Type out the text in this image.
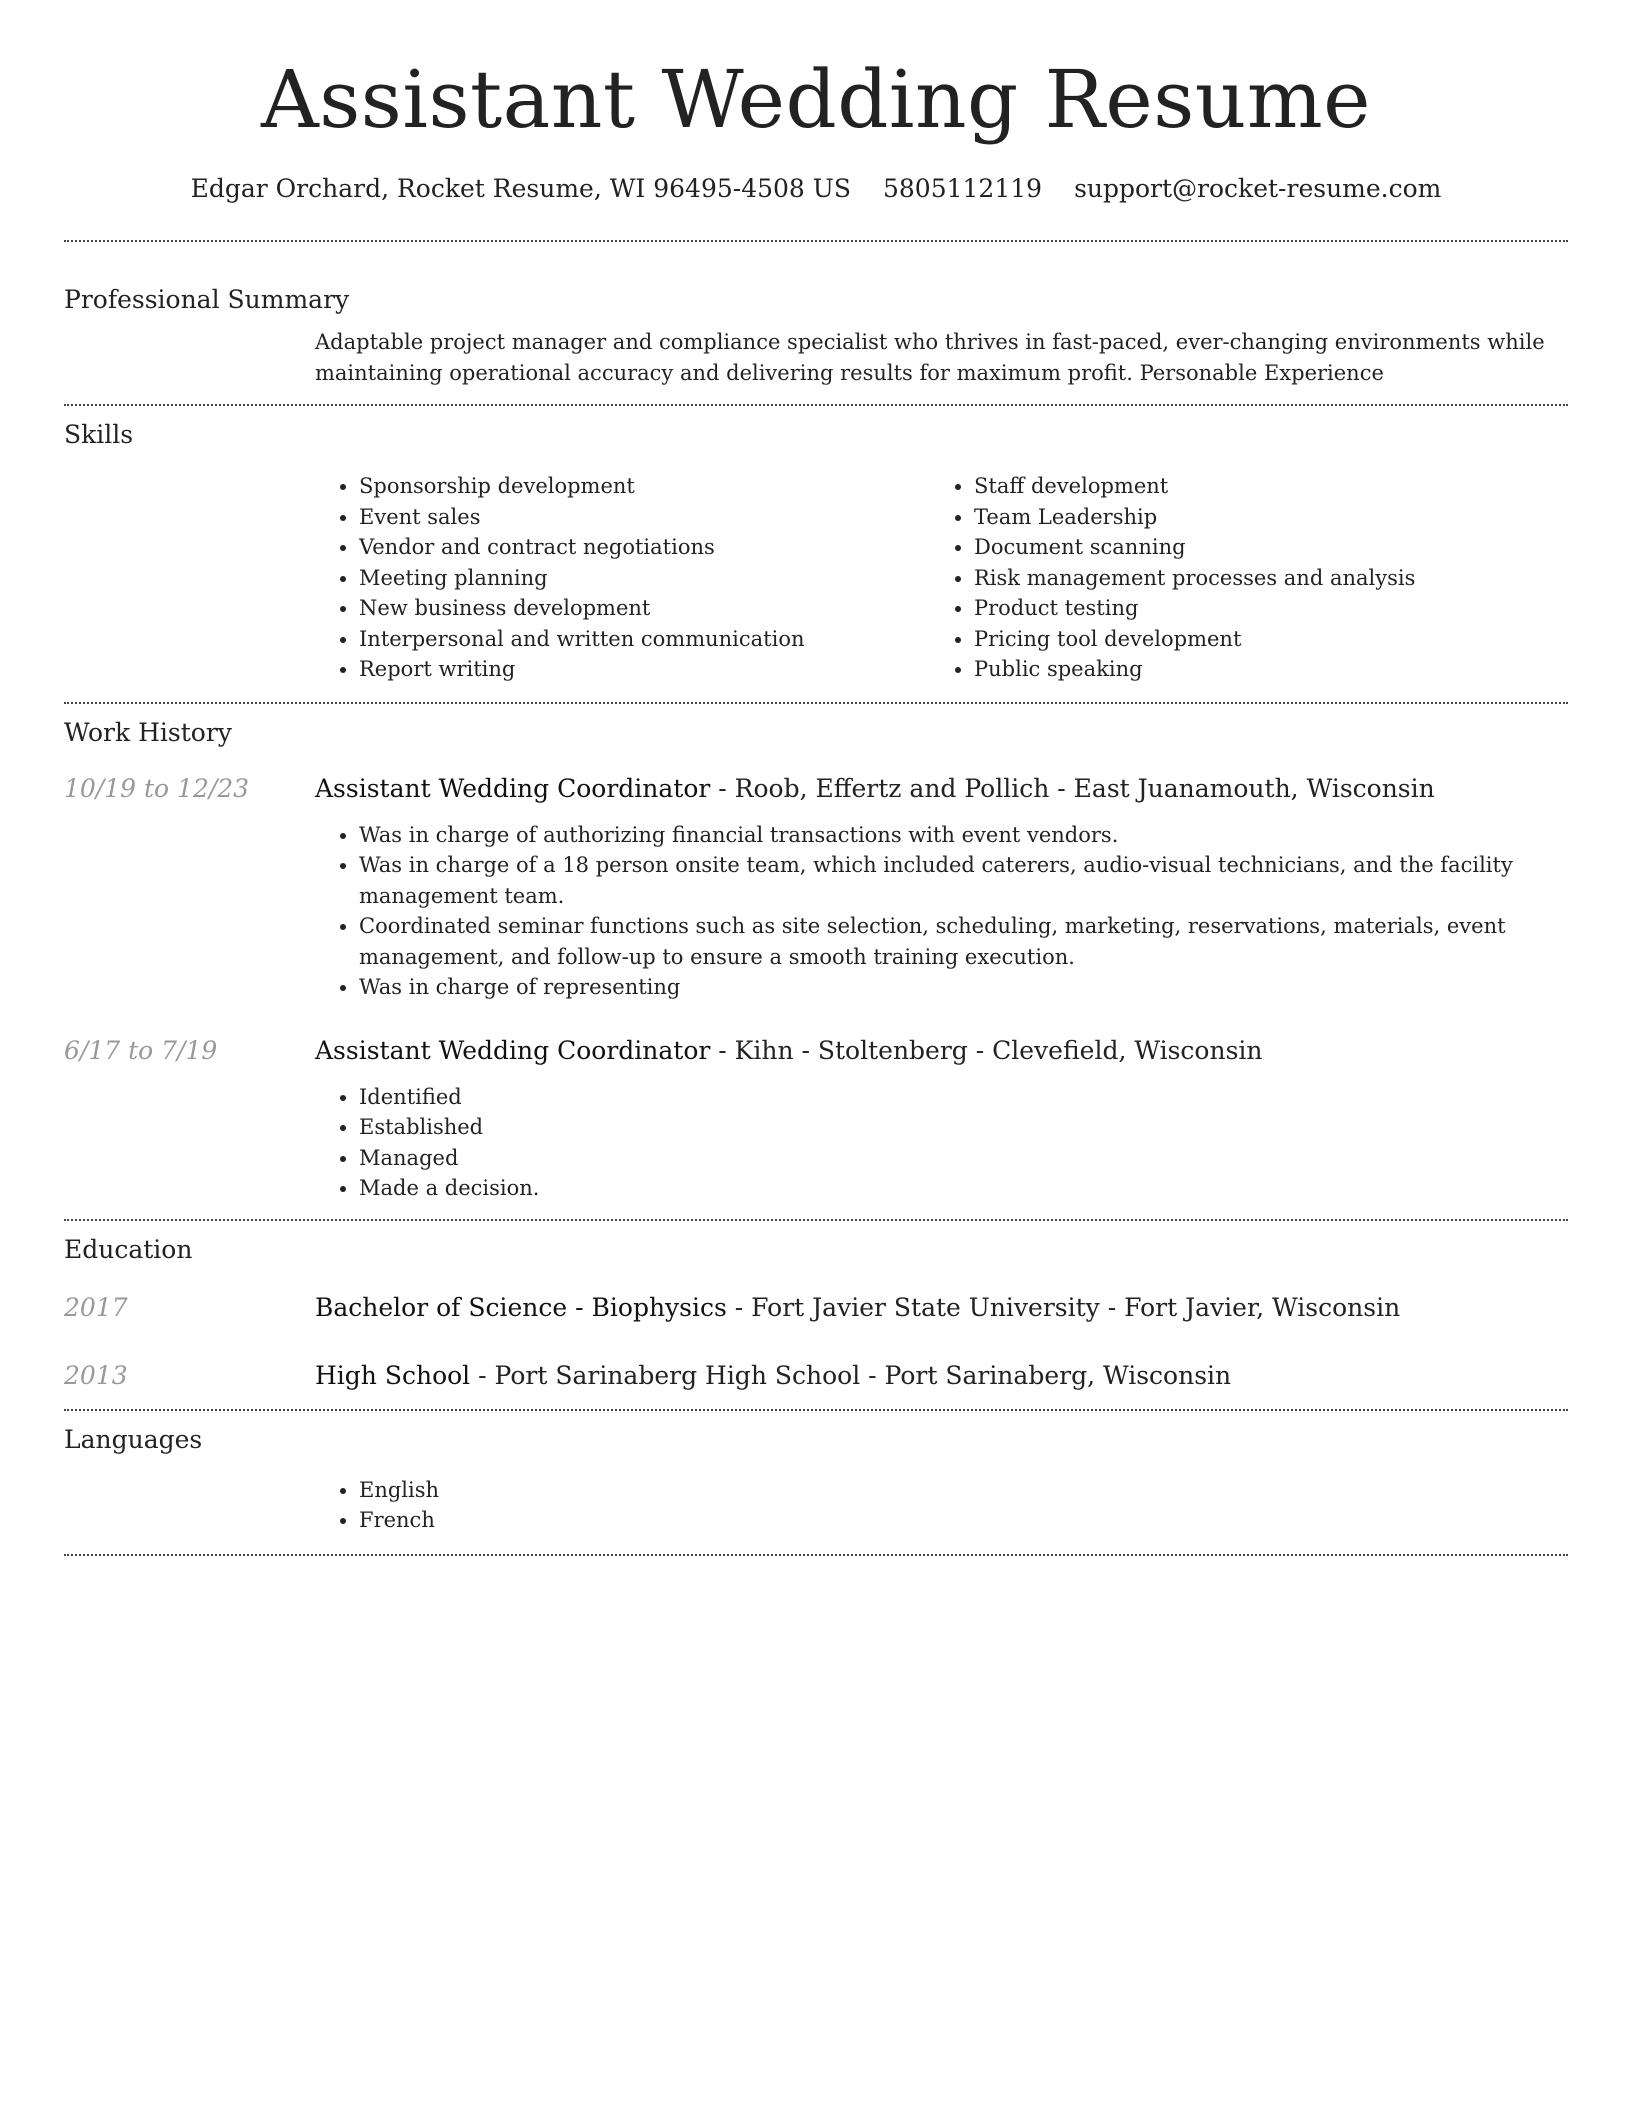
Assistant Wedding Resume
Edgar Orchard, Rocket Resume, WI 96495-4508 US 5805112119 support@rocket-resume.com
Professional Summary

Adaptable project manager and compliance specialist who thrives in fast-paced, ever-changing environments while maintaining operational accuracy and delivering results for maximum profit. Personable Experience

Skills
• Sponsorship development
• Event sales
• Vendor and contract negotiations
• Meeting planning
• New business development
• Interpersonal and written communication
• Report writing
• Staff development
• Team Leadership
• Document scanning
• Risk management processes and analysis
• Product testing
• Pricing tool development
• Public speaking
Work History
10/19 to 12/23	Assistant Wedding Coordinator - Roob, Effertz and Pollich - East Juanamouth, Wisconsin
• Was in charge of authorizing financial transactions with event vendors.
• Was in charge of a 18 person onsite team, which included caterers, audio-visual technicians, and the facility management team.
• Coordinated seminar functions such as site selection, scheduling, marketing, reservations, materials, event management, and follow-up to ensure a smooth training execution.
• Was in charge of representing
6/17 to 7/19	Assistant Wedding Coordinator - Kihn - Stoltenberg - Clevefield, Wisconsin
• Identified
• Established
• Managed
• Made a decision.
Education
2017	Bachelor of Science - Biophysics - Fort Javier State University - Fort Javier, Wisconsin
2013	High School - Port Sarinaberg High School - Port Sarinaberg, Wisconsin
Languages
• English
• French
